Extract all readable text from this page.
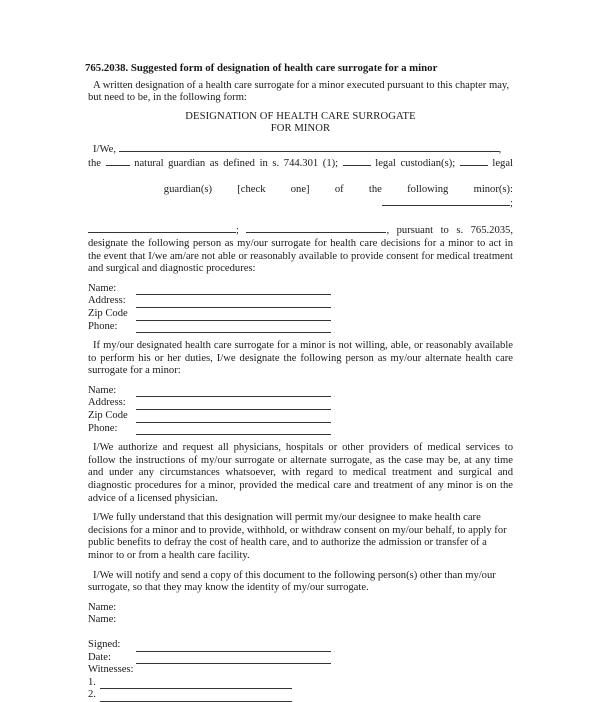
765.2038. Suggested form of designation of health care surrogate for a minor

A written designation of a health care surrogate for a minor executed pursuant to this chapter may, but need to be, in the following form:

DESIGNATION OF HEALTH CARE SURROGATE
FOR MINOR
I/We,	,
the	natural guardian as defined in s. 744.301 (1);	legal custodian(s);	legal

guardian(s)  [check  one]  of  the  following  minor(s):
;

;	, pursuant to s. 765.2035,

designate the following person as my/our surrogate for health care decisions for a minor to act in the event that I/we am/are not able or reasonably available to provide consent for medical treatment and surgical and diagnostic procedures:

Name:
Address:
Zip Code
Phone:

If my/our designated health care surrogate for a minor is not willing, able, or reasonably available to perform his or her duties, I/we designate the following person as my/our alternate health care surrogate for a minor:

Name:
Address:
Zip Code
Phone:

I/We authorize and request all physicians, hospitals or other providers of medical services to follow the instructions of my/our surrogate or alternate surrogate, as the case may be, at any time and under any circumstances whatsoever, with regard to medical treatment and surgical and diagnostic procedures for a minor, provided the medical care and treatment of any minor is on the advice of a licensed physician.

I/We fully understand that this designation will permit my/our designee to make health care decisions for a minor and to provide, withhold, or withdraw consent on my/our behalf, to apply for public benefits to defray the cost of health care, and to authorize the admission or transfer of a minor to or from a health care facility.

I/We will notify and send a copy of this document to the following person(s) other than my/our surrogate, so that they may know the identity of my/our surrogate.

Name:
Name:
Signed:
Date:
Witnesses:
1.
2.
